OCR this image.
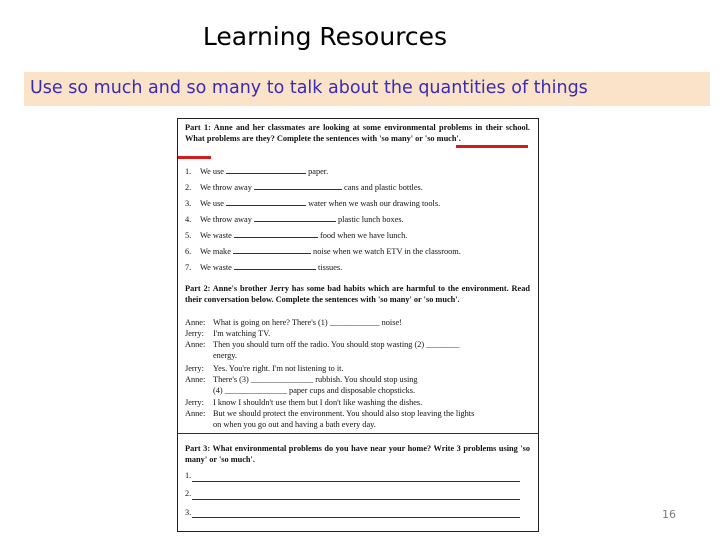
Learning Resources
Use so much and so many to talk about the quantities of things
Part 1: Anne and her classmates are looking at some environmental problems in their school. What problems are they? Complete the sentences with 'so many' or 'so much'.
1. We use	paper.
2. We throw away	cans and plastic bottles.
3. We use	water when we wash our drawing tools.
4. We throw away	plastic lunch boxes.
5. We waste	food when we have lunch.
6. We make	noise when we watch ETV in the classroom.
7. We waste	tissues.
Part 2: Anne's brother Jerry has some bad habits which are harmful to the environment. Read their conversation below. Complete the sentences with 'so many' or 'so much'.
Anne: What is going on here? There's (1) ____________ noise!
Jerry: I'm watching TV.
Anne: Then you should turn off the radio. You should stop wasting (2) ________
energy.
Jerry: Yes. You're right. I'm not listening to it.
Anne: There's (3) _______________ rubbish. You should stop using
(4) _______________ paper cups and disposable chopsticks.
Jerry: I know I shouldn't use them but I don't like washing the dishes.
Anne: But we should protect the environment. You should also stop leaving the lights
on when you go out and having a bath every day.
Part 3: What environmental problems do you have near your home? Write 3 problems using 'so many' or 'so much'.
1.
2.
3.	16
